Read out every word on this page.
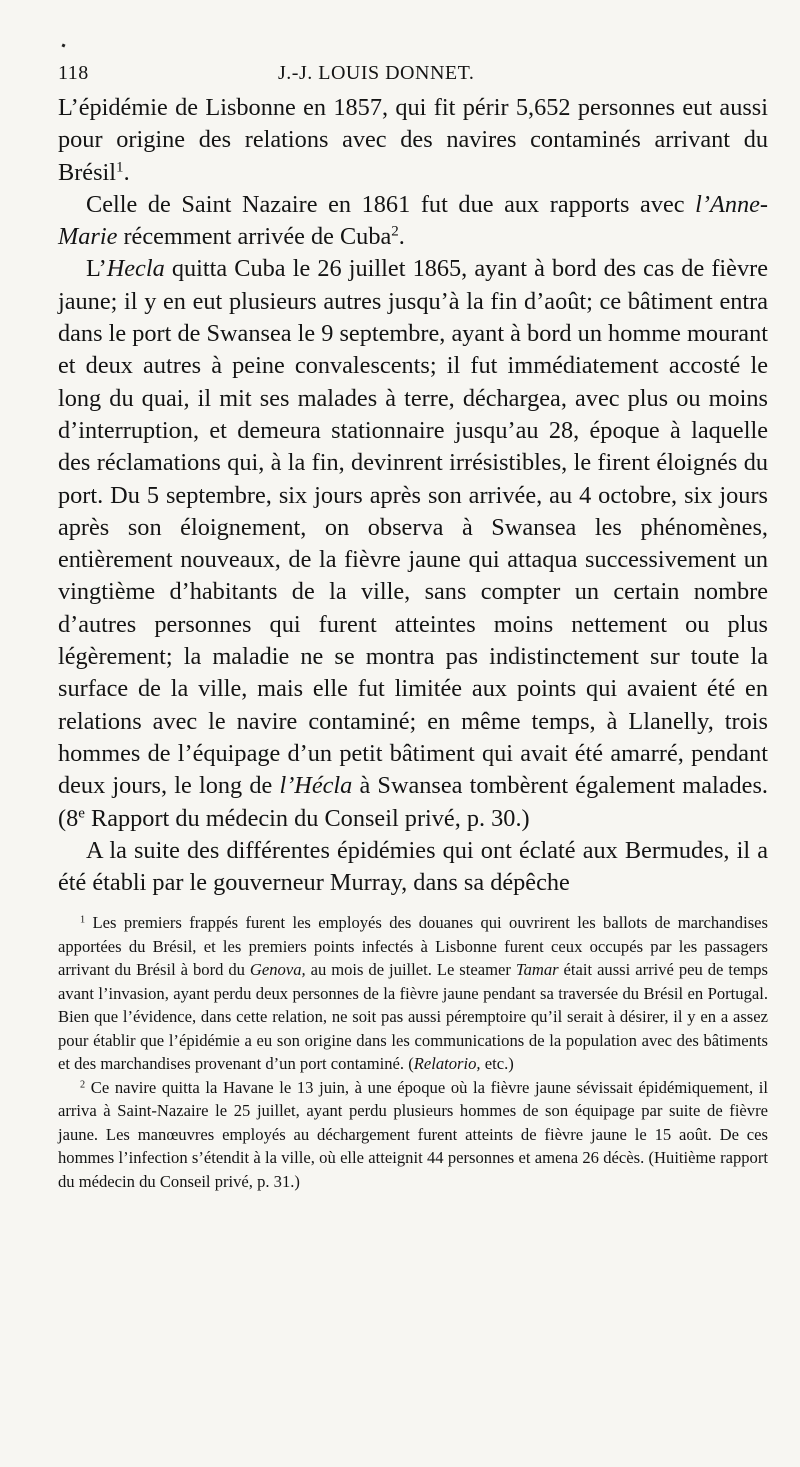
118	J.-J. LOUIS DONNET.

L’épidémie de Lisbonne en 1857, qui fit périr 5,652 personnes eut aussi pour origine des relations avec des navires contaminés arrivant du Brésil$^1$.

Celle de Saint Nazaire en 1861 fut due aux rapports avec l’Anne-Marie récemment arrivée de Cuba$^2$.

L’Hecla quitta Cuba le 26 juillet 1865, ayant à bord des cas de fièvre jaune; il y en eut plusieurs autres jusqu’à la fin d’août; ce bâtiment entra dans le port de Swansea le 9 septembre, ayant à bord un homme mourant et deux autres à peine convalescents; il fut immédiatement accosté le long du quai, il mit ses malades à terre, déchargea, avec plus ou moins d’interruption, et demeura stationnaire jusqu’au 28, époque à laquelle des réclamations qui, à la fin, devinrent irrésistibles, le firent éloignés du port. Du 5 septembre, six jours après son arrivée, au 4 octobre, six jours après son éloignement, on observa à Swansea les phénomènes, entièrement nouveaux, de la fièvre jaune qui attaqua successivement un vingtième d’habitants de la ville, sans compter un certain nombre d’autres personnes qui furent atteintes moins nettement ou plus légèrement; la maladie ne se montra pas indistinctement sur toute la surface de la ville, mais elle fut limitée aux points qui avaient été en relations avec le navire contaminé; en même temps, à Llanelly, trois hommes de l’équipage d’un petit bâtiment qui avait été amarré, pendant deux jours, le long de l’Hécla à Swansea tombèrent également malades. (8e Rapport du médecin du Conseil privé, p. 30.)

A la suite des différentes épidémies qui ont éclaté aux Bermudes, il a été établi par le gouverneur Murray, dans sa dépêche

$^1$ Les premiers frappés furent les employés des douanes qui ouvrirent les ballots de marchandises apportées du Brésil, et les premiers points infectés à Lisbonne furent ceux occupés par les passagers arrivant du Brésil à bord du Genova, au mois de juillet. Le steamer Tamar était aussi arrivé peu de temps avant l’invasion, ayant perdu deux personnes de la fièvre jaune pendant sa traversée du Brésil en Portugal. Bien que l’évidence, dans cette relation, ne soit pas aussi péremptoire qu’il serait à désirer, il y en a assez pour établir que l’épidémie a eu son origine dans les communications de la population avec des bâtiments et des marchandises provenant d’un port contaminé. (Relatorio, etc.)

$^2$ Ce navire quitta la Havane le 13 juin, à une époque où la fièvre jaune sévissait épidémiquement, il arriva à Saint-Nazaire le 25 juillet, ayant perdu plusieurs hommes de son équipage par suite de fièvre jaune. Les manœuvres employés au déchargement furent atteints de fièvre jaune le 15 août. De ces hommes l’infection s’étendit à la ville, où elle atteignit 44 personnes et amena 26 décès. (Huitième rapport du médecin du Conseil privé, p. 31.)
